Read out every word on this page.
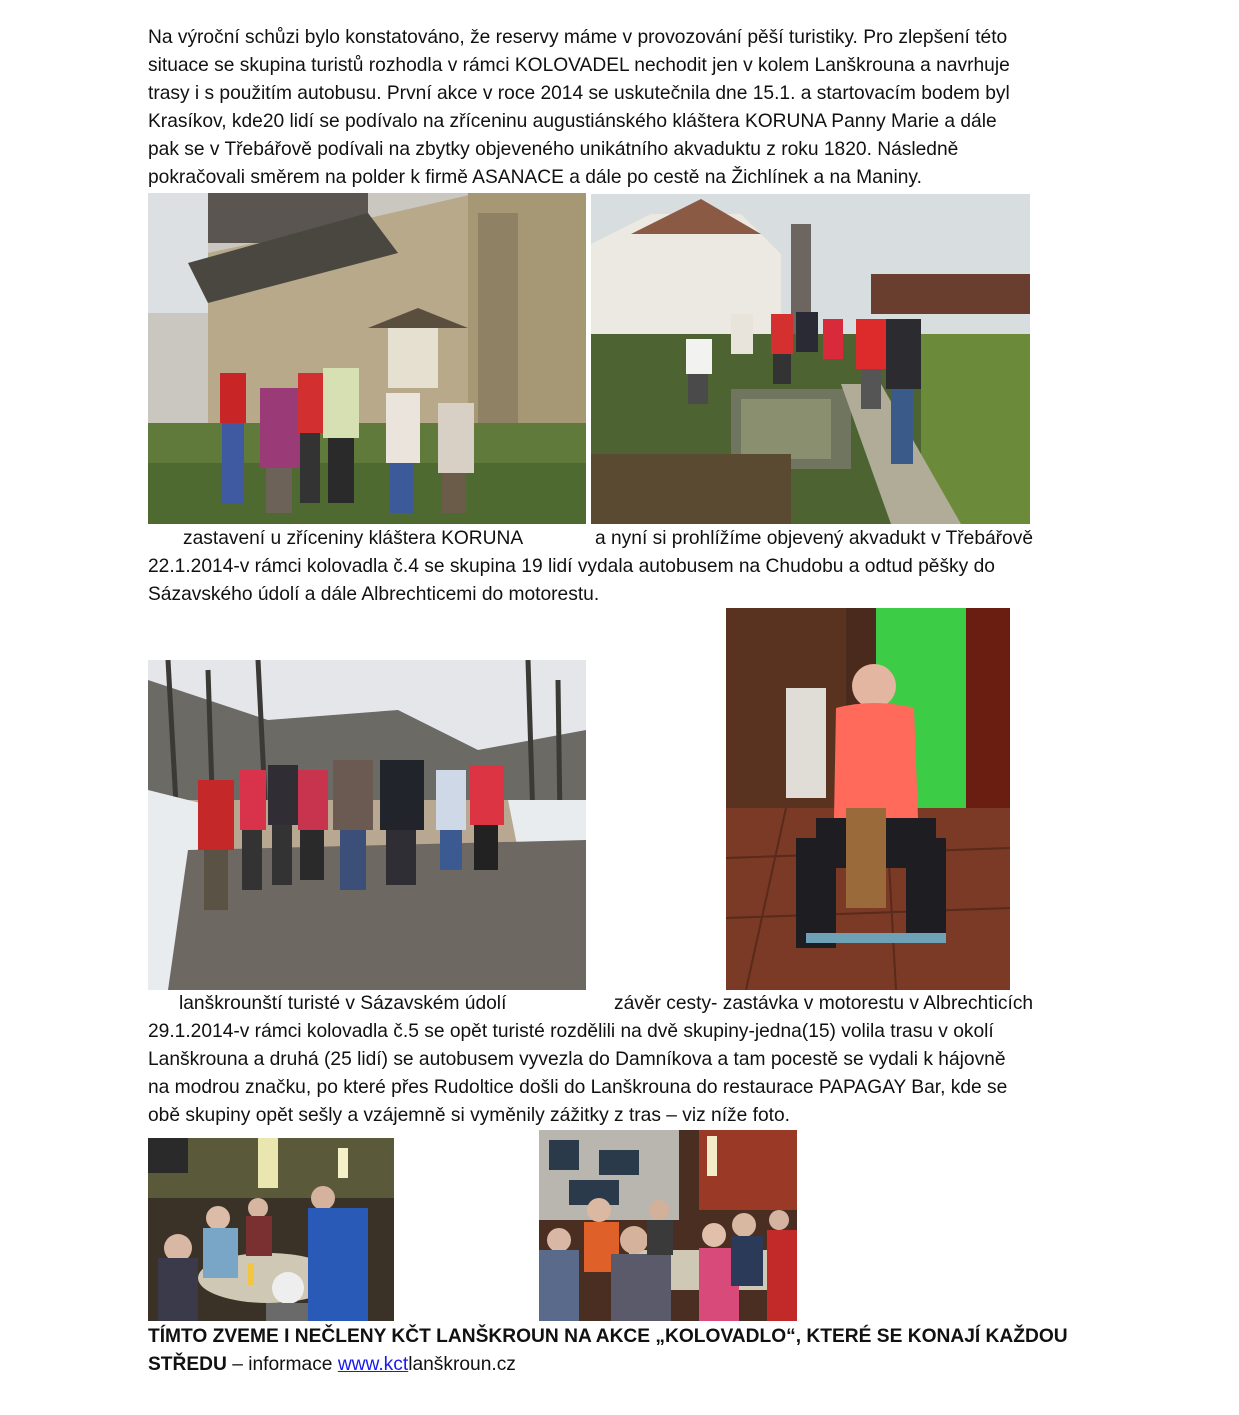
Na výroční schůzi bylo konstatováno, že reservy máme v provozování pěší turistiky. Pro zlepšení této
situace se skupina turistů rozhodla v rámci KOLOVADEL nechodit jen v kolem Lanškrouna a navrhuje
trasy i s použitím autobusu. První akce v roce 2014 se uskutečnila dne 15.1. a startovacím bodem byl
Krasíkov, kde20 lidí se podívalo na zříceninu augustiánského kláštera KORUNA Panny Marie a dále
pak se v Třebářově podívali na zbytky objeveného unikátního akvaduktu z roku 1820. Následně
pokračovali směrem na polder k firmě ASANACE a dále po cestě na Žichlínek a na Maniny.
zastavení u zříceniny kláštera KORUNA	a nyní si prohlížíme objevený akvadukt v Třebářově
22.1.2014-v rámci kolovadla č.4 se skupina 19 lidí vydala autobusem na Chudobu a odtud pěšky do
Sázavského údolí a dále Albrechticemi do motorestu.
lanškrounští turisté v Sázavském údolí	závěr cesty- zastávka v motorestu v Albrechticích
29.1.2014-v rámci kolovadla č.5 se opět turisté rozdělili na dvě skupiny-jedna(15) volila trasu v okolí
Lanškrouna a druhá (25 lidí) se autobusem vyvezla do Damníkova a tam pocestě se vydali k hájovně
na modrou značku, po které přes Rudoltice došli do Lanškrouna do restaurace PAPAGAY Bar, kde se
obě skupiny opět sešly a vzájemně si vyměnily zážitky z tras – viz níže foto.
TÍMTO ZVEME I NEČLENY KČT LANŠKROUN NA AKCE „KOLOVADLO“, KTERÉ SE KONAJÍ KAŽDOU
STŘEDU – informace www.kctlanškroun.cz
